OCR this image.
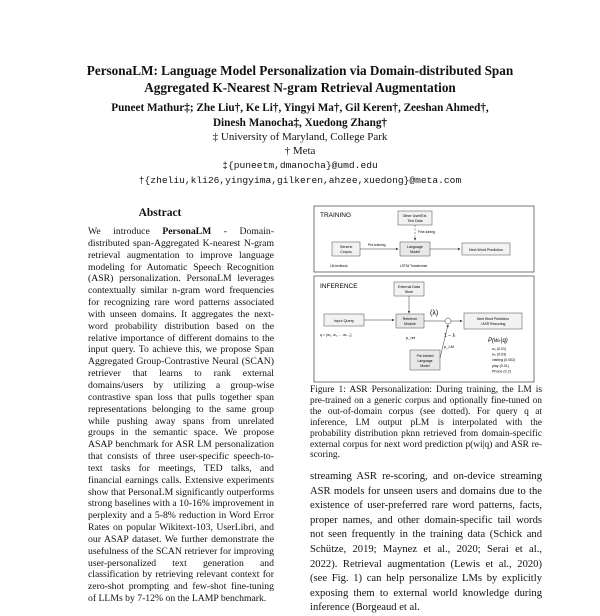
PersonaLM: Language Model Personalization via Domain-distributed Span
Aggregated K-Nearest N-gram Retrieval Augmentation
Puneet Mathur‡; Zhe Liu†, Ke Li†, Yingyi Ma†, Gil Keren†, Zeeshan Ahmed†,
Dinesh Manocha‡, Xuedong Zhang†
‡ University of Maryland, College Park
† Meta
‡{puneetm,dmanocha}@umd.edu
†{zheliu,kli26,yingyima,gilkeren,ahzee,xuedong}@meta.com
Abstract
We introduce PersonaLM - Domain-distributed span-Aggregated K-nearest N-gram retrieval augmentation to improve language modeling for Automatic Speech Recognition (ASR) personalization. PersonaLM leverages contextually similar n-gram word frequencies for recognizing rare word patterns associated with unseen domains. It aggregates the next-word probability distribution based on the relative importance of different domains to the input query. To achieve this, we propose Span Aggregated Group-Contrastive Neural (SCAN) retriever that learns to rank external domains/users by utilizing a group-wise contrastive span loss that pulls together span representations belonging to the same group while pushing away spans from unrelated groups in the semantic space. We propose ASAP benchmark for ASR LM personalization that consists of three user-specific speech-to-text tasks for meetings, TED talks, and financial earnings calls. Extensive experiments show that PersonaLM significantly outperforms strong baselines with a 10-16% improvement in perplexity and a 5-8% reduction in Word Error Rates on popular Wikitext-103, UserLibri, and our ASAP dataset. We further demonstrate the usefulness of the SCAN retriever for improving user-personalized text generation and classification by retrieving relevant context for zero-shot prompting and few-shot fine-tuning of LLMs by 7-12% on the LAMP benchmark.
TRAINING	Other User/Ext.
Text Data
Fine-tuning
Generic
Corpus
Pre-training	Language
Model	Next Word Prediction
LM-textbook	LSTM/ Transformer
INFERENCE	External Data
Store
Input Query
q = {w₁, w₂, ... wₖ₋₁}
Retriever
Module
p_ret
(λ)
1 − λ
Pre-trained
Language
Model
p_LM
Next Word Prediction
/ ASR Rescoring
P(wₖ|q)
w₁ (0.01)
w₂ (0.03)
visiting (0.002)
play (0.01)
Phone (0.2)
Figure 1: ASR Personalization: During training, the LM is pre-trained on a generic corpus and optionally fine-tuned on the out-of-domain corpus (see dotted). For query q at inference, LM output pLM is interpolated with the probability distribution pknn retrieved from domain-specific external corpus for next word prediction p(wi|q) and ASR re-scoring.
streaming ASR re-scoring, and on-device streaming ASR models for unseen users and domains due to the existence of user-preferred rare word patterns, facts, proper names, and other domain-specific tail words not seen frequently in the training data (Schick and Schütze, 2019; Maynez et al., 2020; Serai et al., 2022). Retrieval augmentation (Lewis et al., 2020) (see Fig. 1) can help personalize LMs by explicitly exposing them to external world knowledge during inference (Borgeaud et al.
